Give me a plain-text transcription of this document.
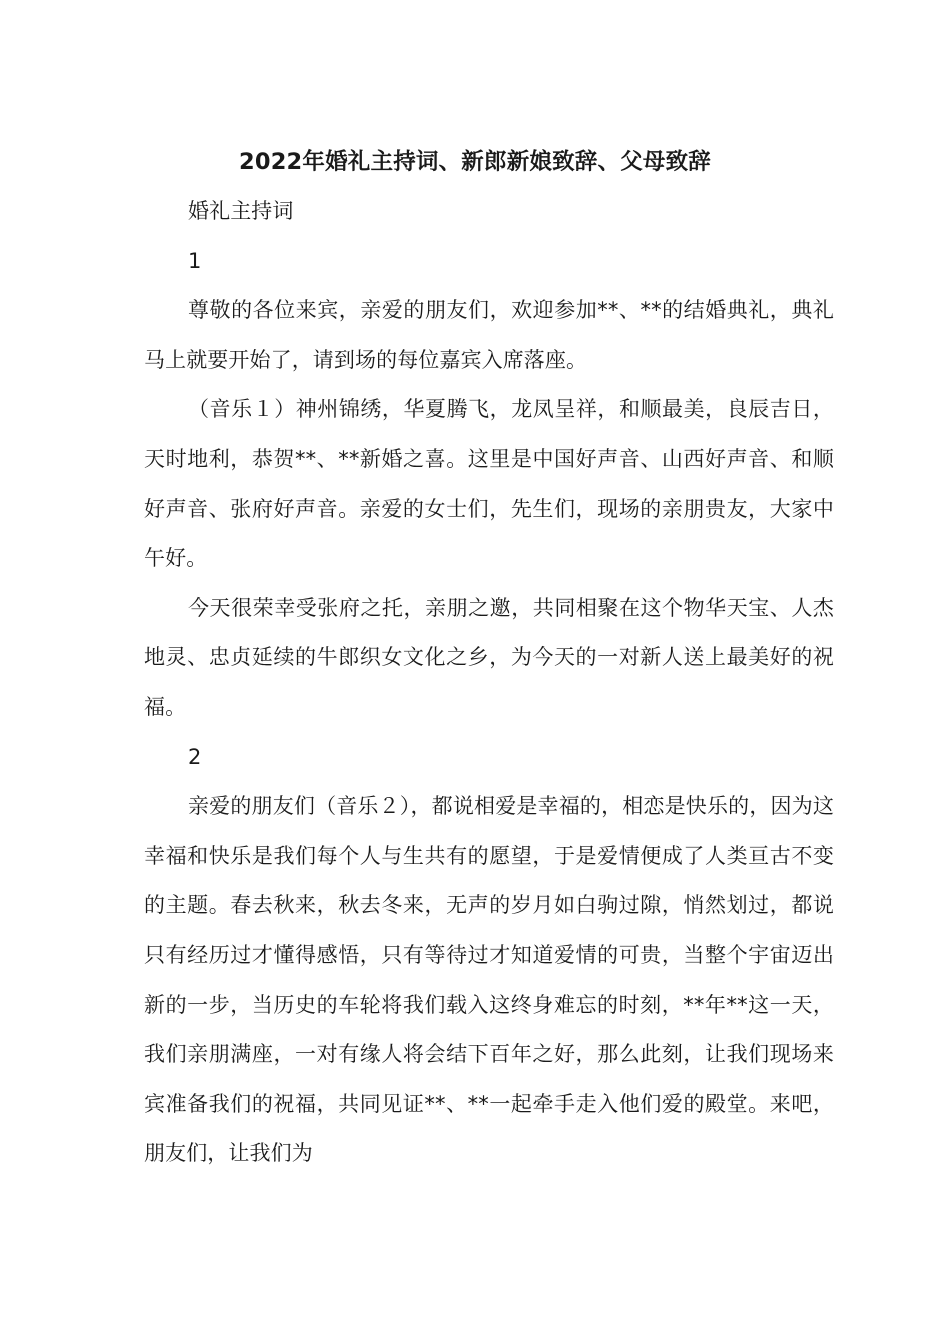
2022年婚礼主持词、新郎新娘致辞、父母致辞

婚礼主持词

1

尊敬的各位来宾，亲爱的朋友们，欢迎参加**、**的结婚典礼，典礼马上就要开始了，请到场的每位嘉宾入席落座。

（音乐１）神州锦绣，华夏腾飞，龙凤呈祥，和顺最美，良辰吉日，天时地利，恭贺**、**新婚之喜。这里是中国好声音、山西好声音、和顺好声音、张府好声音。亲爱的女士们，先生们，现场的亲朋贵友，大家中午好。

今天很荣幸受张府之托，亲朋之邀，共同相聚在这个物华天宝、人杰地灵、忠贞延续的牛郎织女文化之乡，为今天的一对新人送上最美好的祝福。

2

亲爱的朋友们（音乐２），都说相爱是幸福的，相恋是快乐的，因为这幸福和快乐是我们每个人与生共有的愿望，于是爱情便成了人类亘古不变的主题。春去秋来，秋去冬来，无声的岁月如白驹过隙，悄然划过，都说只有经历过才懂得感悟，只有等待过才知道爱情的可贵，当整个宇宙迈出新的一步，当历史的车轮将我们载入这终身难忘的时刻，**年**这一天，我们亲朋满座，一对有缘人将会结下百年之好，那么此刻，让我们现场来宾准备我们的祝福，共同见证**、**一起牵手走入他们爱的殿堂。来吧，朋友们，让我们为
